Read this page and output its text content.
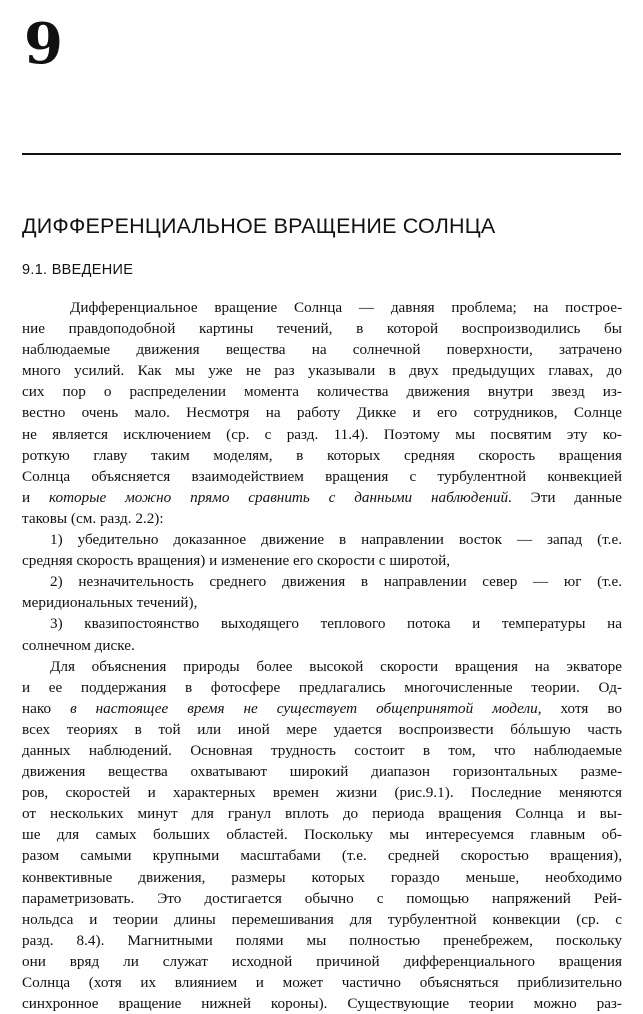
9
ДИФФЕРЕНЦИАЛЬНОЕ ВРАЩЕНИЕ СОЛНЦА
9.1. ВВЕДЕНИЕ
Дифференциальное вращение Солнца — давняя проблема; на построе-
ние правдоподобной картины течений, в которой воспроизводились бы
наблюдаемые движения вещества на солнечной поверхности, затрачено
много усилий. Как мы уже не раз указывали в двух предыдущих главах, до
сих пор о распределении момента количества движения внутри звезд из-
вестно очень мало. Несмотря на работу Дикке и его сотрудников, Солнце
не является исключением (ср. с разд. 11.4). Поэтому мы посвятим эту ко-
роткую главу таким моделям, в которых средняя скорость вращения
Солнца объясняется взаимодействием вращения с турбулентной конвекцией
и которые можно прямо сравнить с данными наблюдений. Эти данные
таковы (см. разд. 2.2):
1) убедительно доказанное движение в направлении восток — запад (т.е.
средняя скорость вращения) и изменение его скорости с широтой,
2) незначительность среднего движения в направлении север — юг (т.е.
меридиональных течений),
3) квазипостоянство выходящего теплового потока и температуры на
солнечном диске.
Для объяснения природы более высокой скорости вращения на экваторе
и ее поддержания в фотосфере предлагались многочисленные теории. Од-
нако в настоящее время не существует общепринятой модели, хотя во
всех теориях в той или иной мере удается воспроизвести бóльшую часть
данных наблюдений. Основная трудность состоит в том, что наблюдаемые
движения вещества охватывают широкий диапазон горизонтальных разме-
ров, скоростей и характерных времен жизни (рис.9.1). Последние меняются
от нескольких минут для гранул вплоть до периода вращения Солнца и вы-
ше для самых больших областей. Поскольку мы интересуемся главным об-
разом самыми крупными масштабами (т.е. средней скоростью вращения),
конвективные движения, размеры которых гораздо меньше, необходимо
параметризовать. Это достигается обычно с помощью напряжений Рей-
нольдса и теории длины перемешивания для турбулентной конвекции (ср. с
разд. 8.4). Магнитными полями мы полностью пренебрежем, поскольку
они вряд ли служат исходной причиной дифференциального вращения
Солнца (хотя их влиянием и может частично объясняться приблизительно
синхронное вращение нижней короны). Существующие теории можно раз-
